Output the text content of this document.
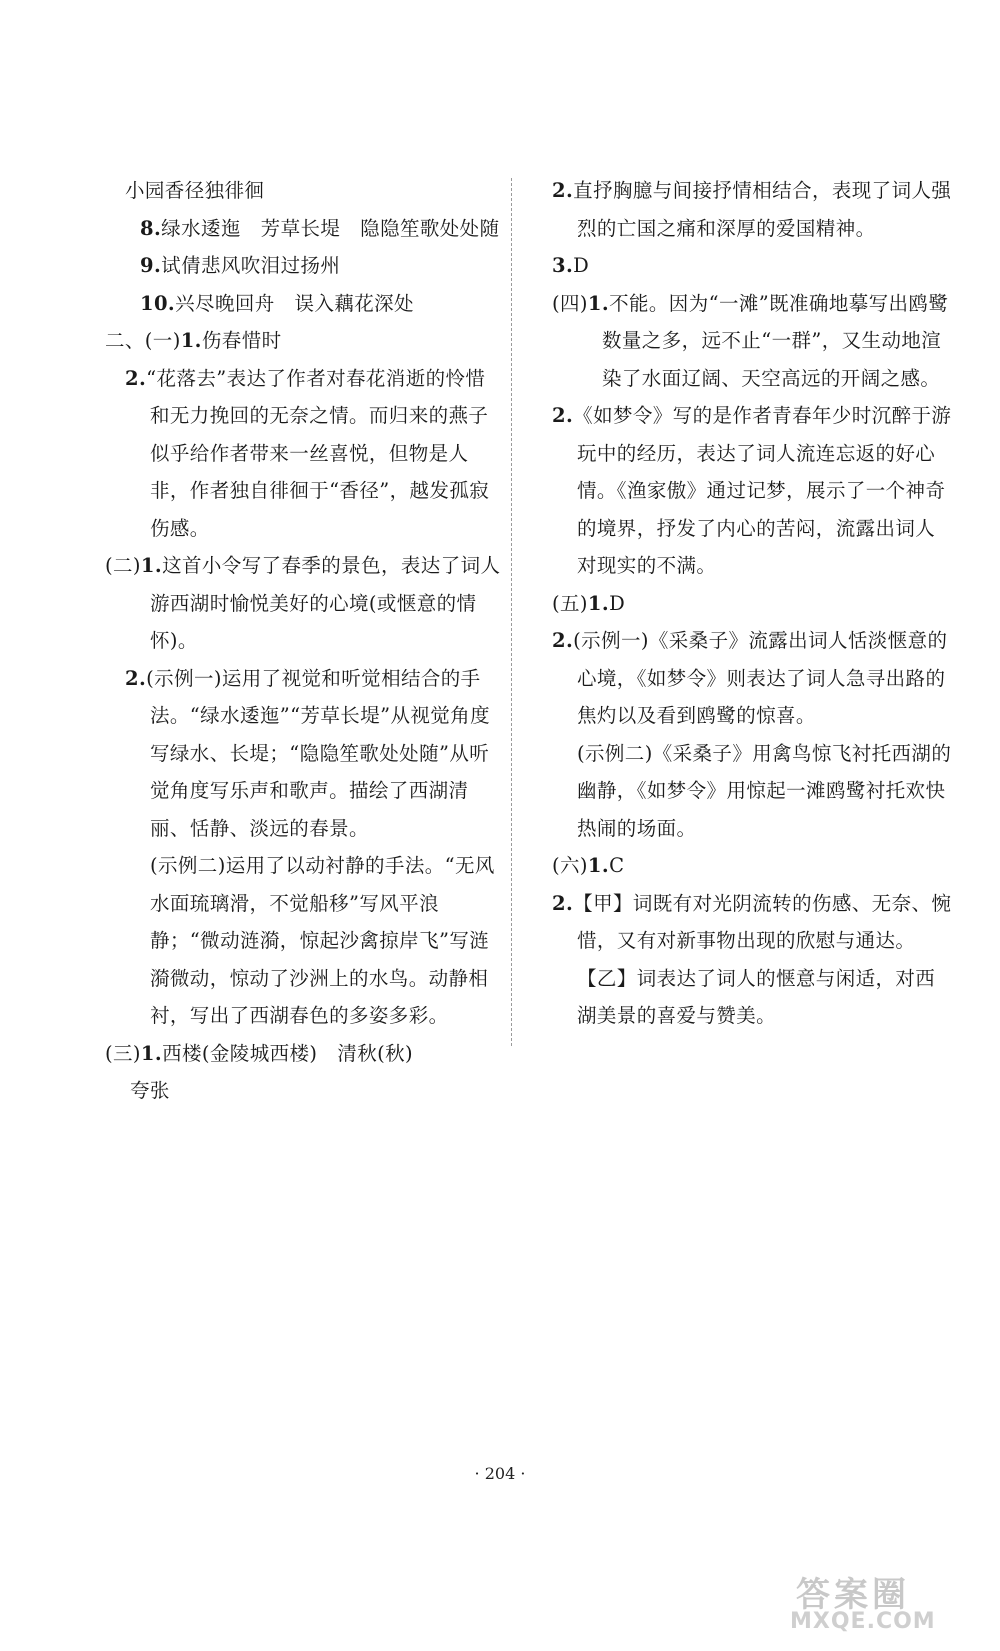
小园香径独徘徊

8.绿水逶迤　芳草长堤　隐隐笙歌处处随

9.试倩悲风吹泪过扬州

10.兴尽晚回舟　误入藕花深处

二、(一)1.伤春惜时

2.“花落去”表达了作者对春花消逝的怜惜和无力挽回的无奈之情。而归来的燕子似乎给作者带来一丝喜悦，但物是人非，作者独自徘徊于“香径”，越发孤寂伤感。

(二)1.这首小令写了春季的景色，表达了词人游西湖时愉悦美好的心境(或惬意的情怀)。

2.(示例一)运用了视觉和听觉相结合的手法。“绿水逶迤”“芳草长堤”从视觉角度写绿水、长堤；“隐隐笙歌处处随”从听觉角度写乐声和歌声。描绘了西湖清丽、恬静、淡远的春景。

(示例二)运用了以动衬静的手法。“无风水面琉璃滑，不觉船移”写风平浪静；“微动涟漪，惊起沙禽掠岸飞”写涟漪微动，惊动了沙洲上的水鸟。动静相衬，写出了西湖春色的多姿多彩。

(三)1.西楼(金陵城西楼)　清秋(秋)

夸张

2.直抒胸臆与间接抒情相结合，表现了词人强烈的亡国之痛和深厚的爱国精神。

3.D

(四)1.不能。因为“一滩”既准确地摹写出鸥鹭数量之多，远不止“一群”，又生动地渲染了水面辽阔、天空高远的开阔之感。

2.《如梦令》写的是作者青春年少时沉醉于游玩中的经历，表达了词人流连忘返的好心情。《渔家傲》通过记梦，展示了一个神奇的境界，抒发了内心的苦闷，流露出词人对现实的不满。

(五)1.D

2.(示例一)《采桑子》流露出词人恬淡惬意的心境，《如梦令》则表达了词人急寻出路的焦灼以及看到鸥鹭的惊喜。

(示例二)《采桑子》用禽鸟惊飞衬托西湖的幽静，《如梦令》用惊起一滩鸥鹭衬托欢快热闹的场面。

(六)1.C

2.【甲】词既有对光阴流转的伤感、无奈、惋惜，又有对新事物出现的欣慰与通达。

【乙】词表达了词人的惬意与闲适，对西湖美景的喜爱与赞美。

· 204 ·
答案圈
MXQE.COM
